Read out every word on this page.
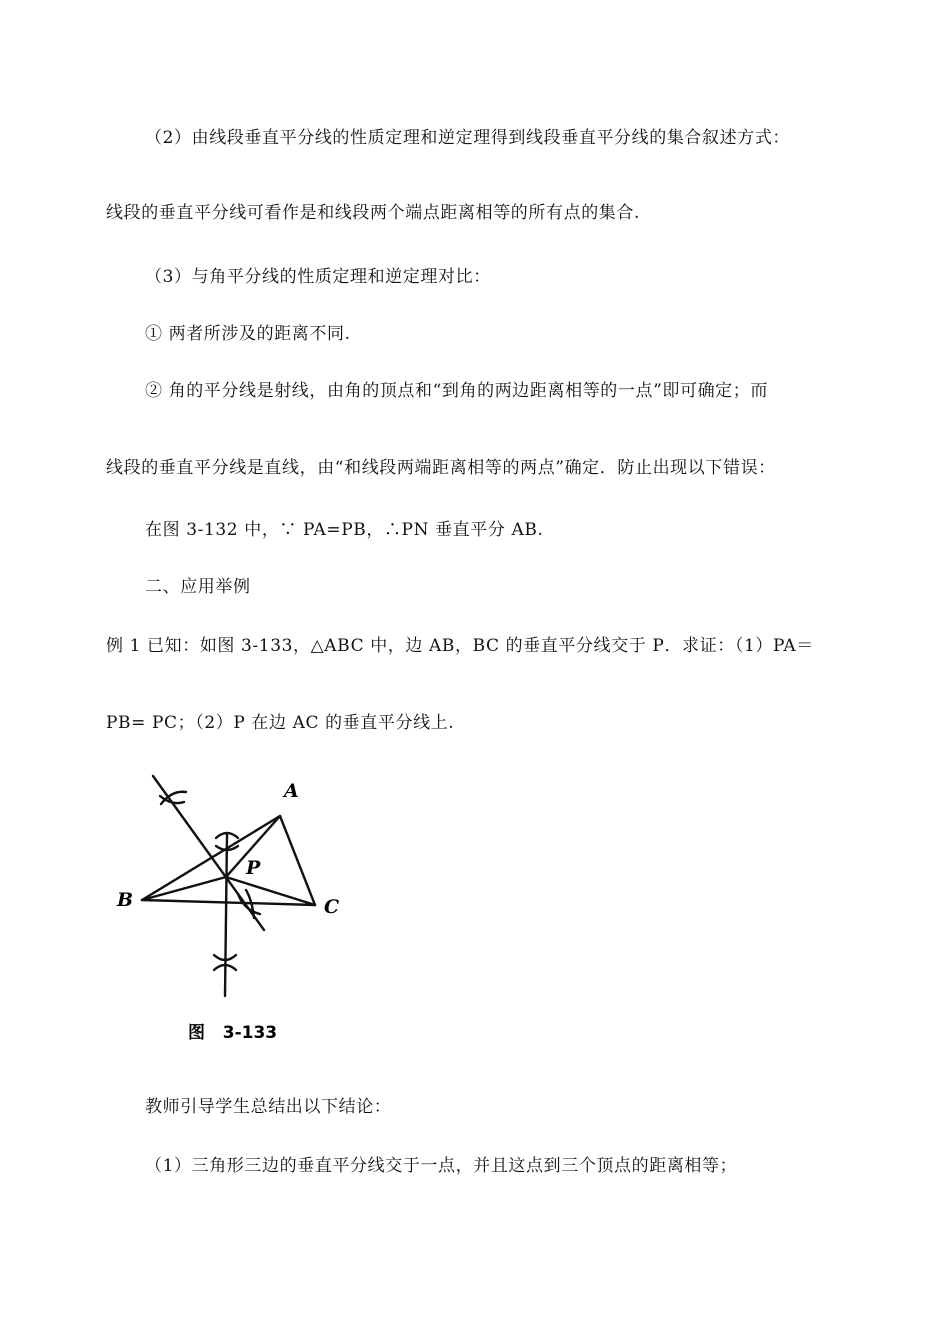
（2）由线段垂直平分线的性质定理和逆定理得到线段垂直平分线的集合叙述方式：
线段的垂直平分线可看作是和线段两个端点距离相等的所有点的集合.
（3）与角平分线的性质定理和逆定理对比：
① 两者所涉及的距离不同.
② 角的平分线是射线，由角的顶点和“到角的两边距离相等的一点”即可确定；而
线段的垂直平分线是直线，由“和线段两端距离相等的两点”确定．防止出现以下错误：
在图 3-132 中，∵ PA=PB，∴PN 垂直平分 AB.
二、应用举例
例 1 已知：如图 3-133，△ABC 中，边 AB，BC 的垂直平分线交于 P．求证：（1）PA＝
PB= PC；（2）P 在边 AC 的垂直平分线上.
A
B	C
P
图   3-133
教师引导学生总结出以下结论：
（1）三角形三边的垂直平分线交于一点，并且这点到三个顶点的距离相等；
